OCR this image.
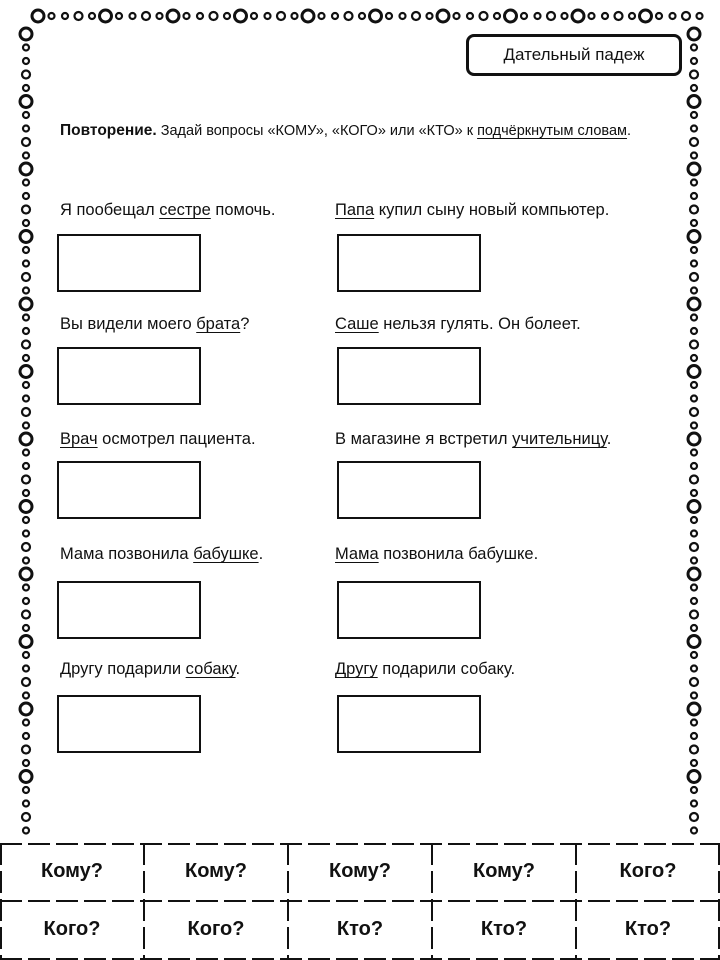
Дательный падеж
Повторение. Задай вопросы «КОМУ», «КОГО» или «КТО» к подчёркнутым словам.
Я пообещал сестре помочь.	Папа купил сыну новый компьютер.
Вы видели моего брата?	Саше нельзя гулять. Он болеет.
Врач осмотрел пациента.	В магазине я встретил учительницу.
Мама позвонила бабушке.	Мама позвонила бабушке.
Другу подарили собаку.	Другу подарили собаку.
Кому?	Кому?	Кому?	Кому?	Кого?
Кого?	Кого?	Кто?	Кто?	Кто?
